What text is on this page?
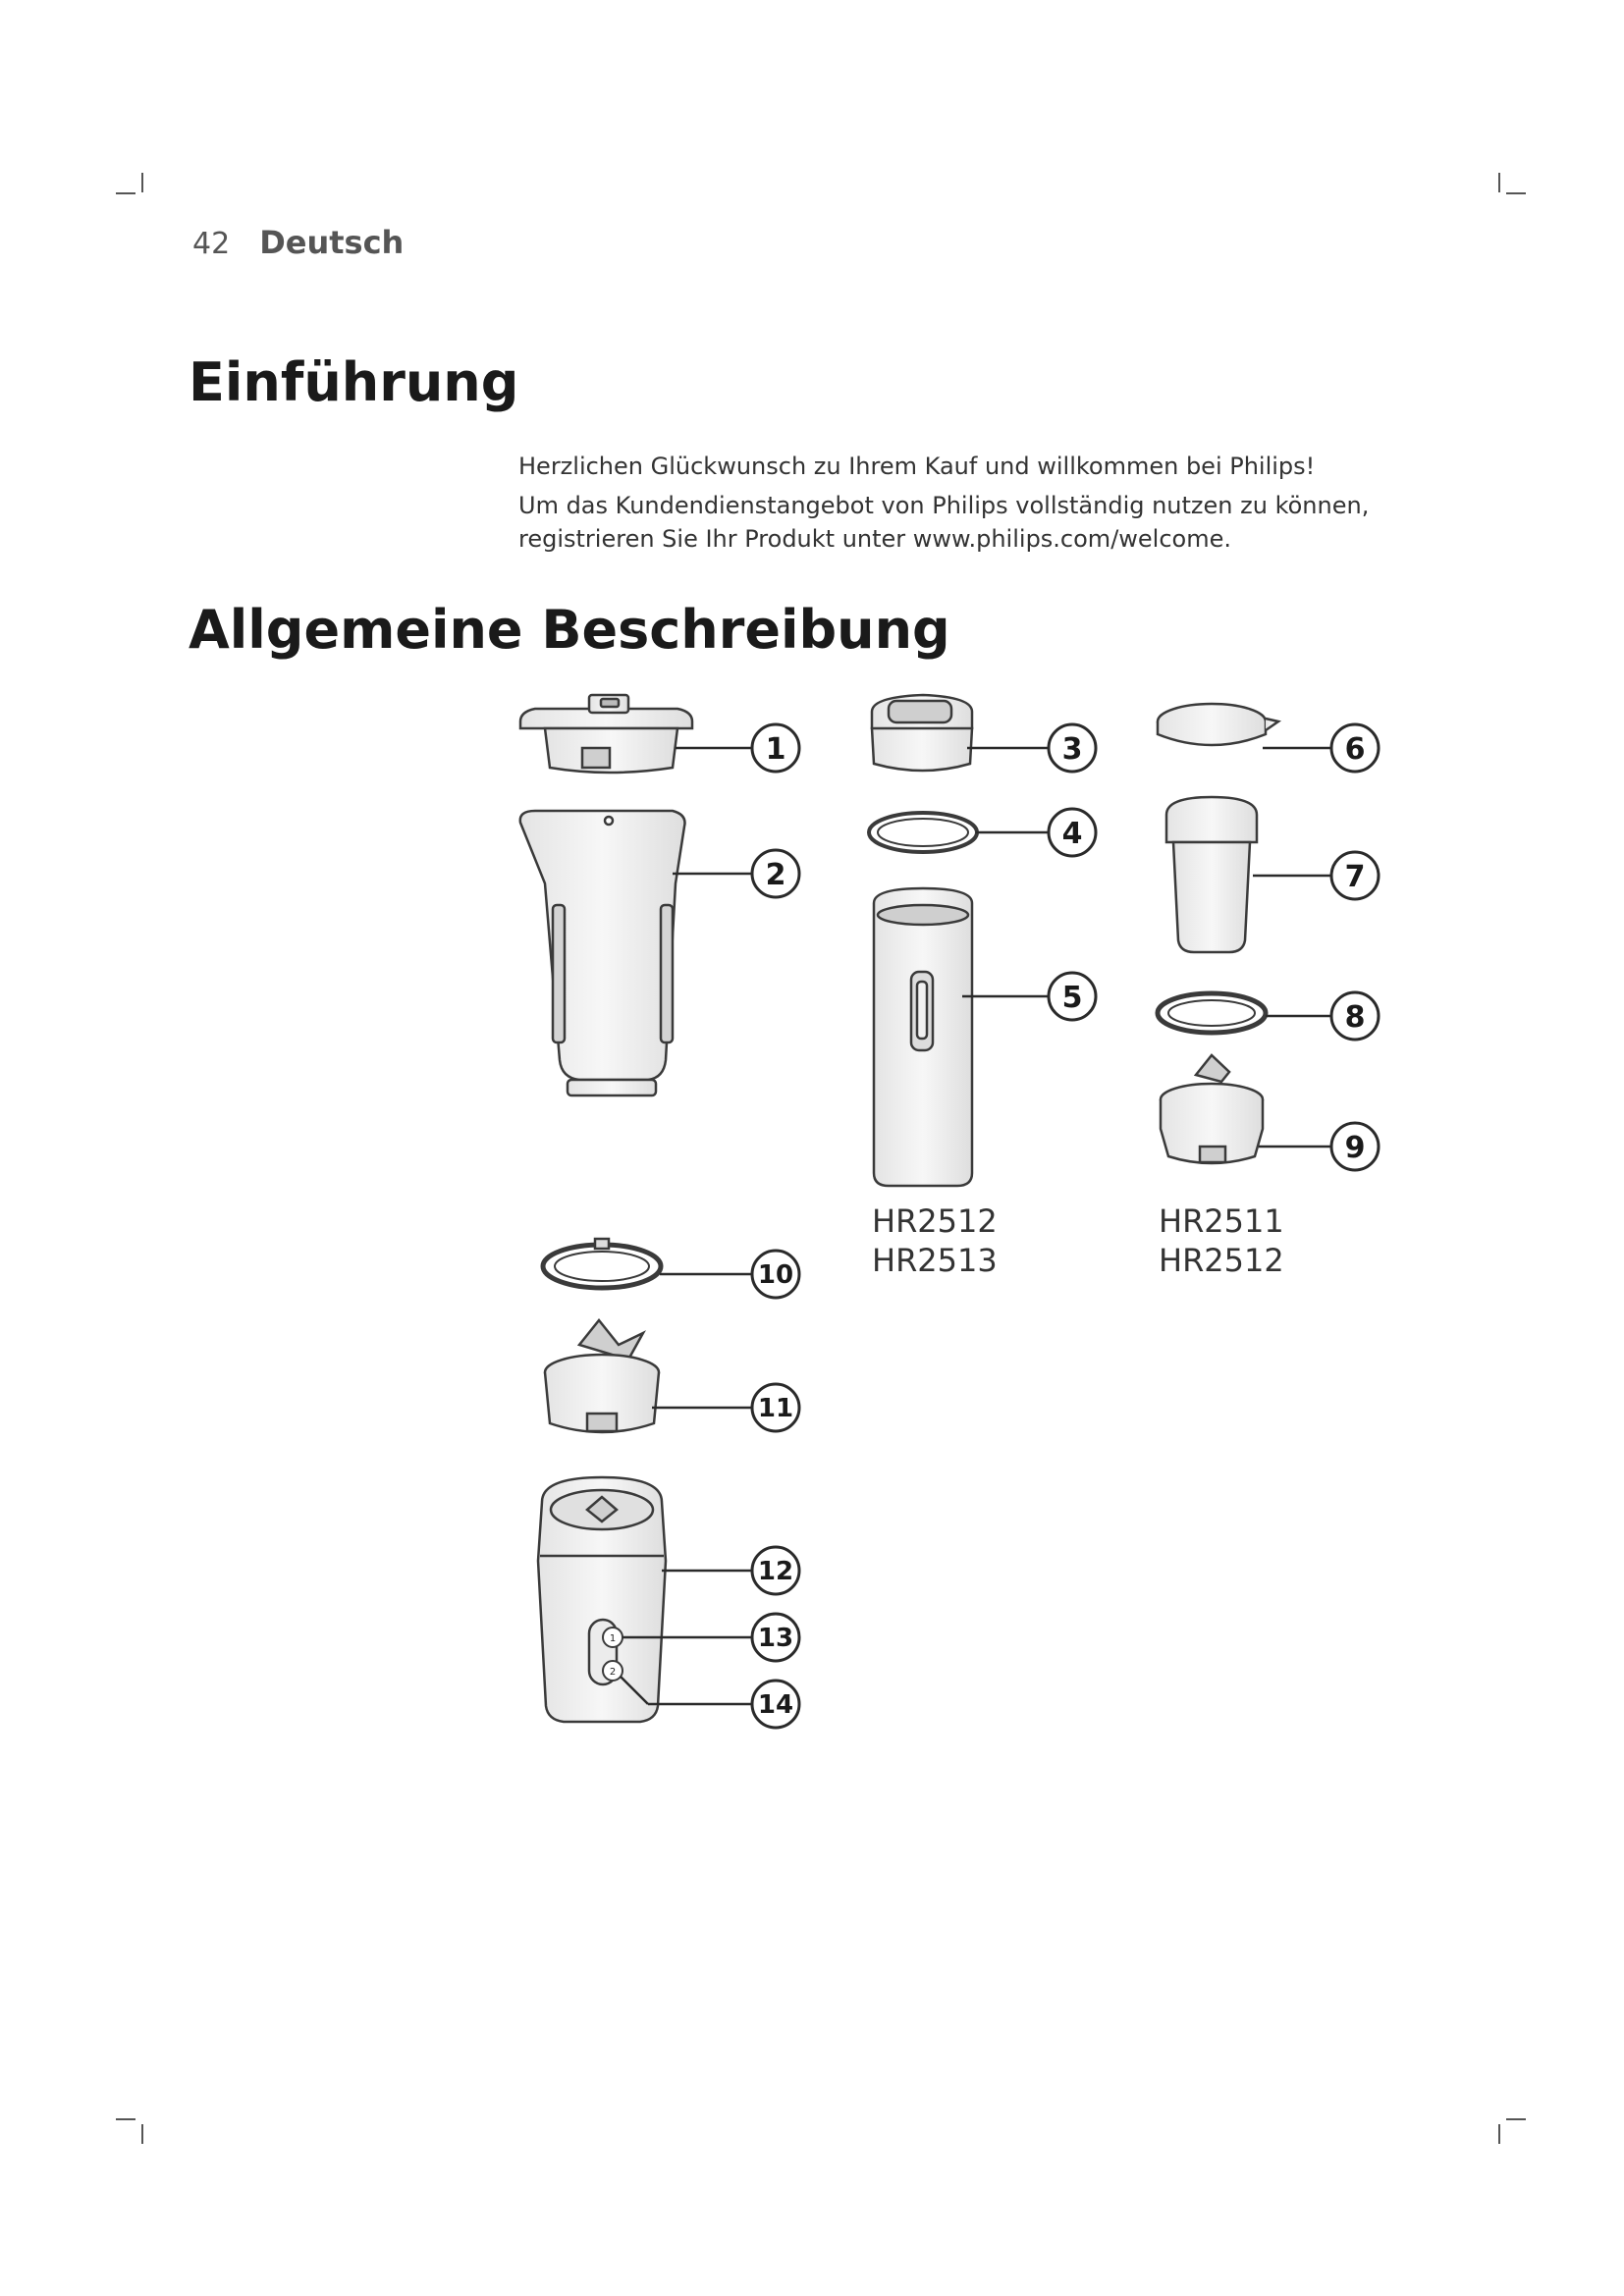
42 Deutsch
Einführung

Herzlichen Glückwunsch zu Ihrem Kauf und willkommen bei Philips!

Um das Kundendienstangebot von Philips vollständig nutzen zu können,

registrieren Sie Ihr Produkt unter www.philips.com/welcome.

Allgemeine Beschreibung
1
2
1
2
3
4
5
6
7
8
9
10
11
12
13
14
HR2512
HR2513
HR2511
HR2512
